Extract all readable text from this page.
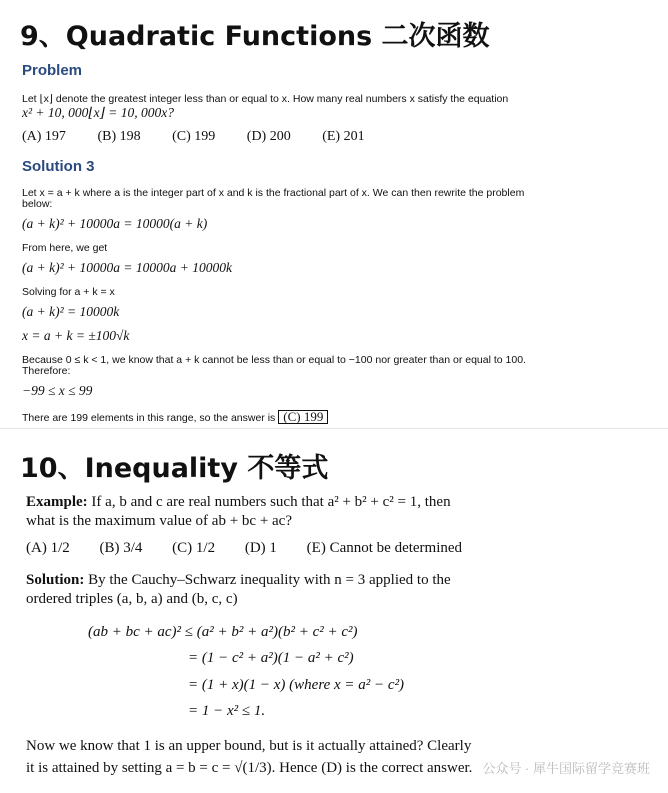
9、Quadratic Functions 二次函数

Problem

Let ⌊x⌋ denote the greatest integer less than or equal to x. How many real numbers x satisfy the equation

x² + 10, 000⌊x⌋ = 10, 000x?

(A) 197 (B) 198 (C) 199 (D) 200 (E) 201

Solution 3

Let x = a + k where a is the integer part of x and k is the fractional part of x. We can then rewrite the problem

below:

(a + k)² + 10000a = 10000(a + k)

From here, we get

(a + k)² + 10000a = 10000a + 10000k

Solving for a + k = x

(a + k)² = 10000k

x = a + k = ±100√k

Because 0 ≤ k < 1, we know that a + k cannot be less than or equal to −100 nor greater than or equal to 100.

Therefore:

−99 ≤ x ≤ 99

There are 199 elements in this range, so the answer is (C) 199

10、Inequality 不等式

Example: If a, b and c are real numbers such that a² + b² + c² = 1, then

what is the maximum value of ab + bc + ac?

(A) 1/2 (B) 3/4 (C) 1/2 (D) 1 (E) Cannot be determined

Solution: By the Cauchy–Schwarz inequality with n = 3 applied to the

ordered triples (a, b, a) and (b, c, c)

(ab + bc + ac)² ≤ (a² + b² + a²)(b² + c² + c²)

= (1 − c² + a²)(1 − a² + c²)

= (1 + x)(1 − x) (where x = a² − c²)

= 1 − x² ≤ 1.

Now we know that 1 is an upper bound, but is it actually attained? Clearly

it is attained by setting a = b = c = √(1/3). Hence (D) is the correct answer. 公众号 · 犀牛国际留学竞赛班
